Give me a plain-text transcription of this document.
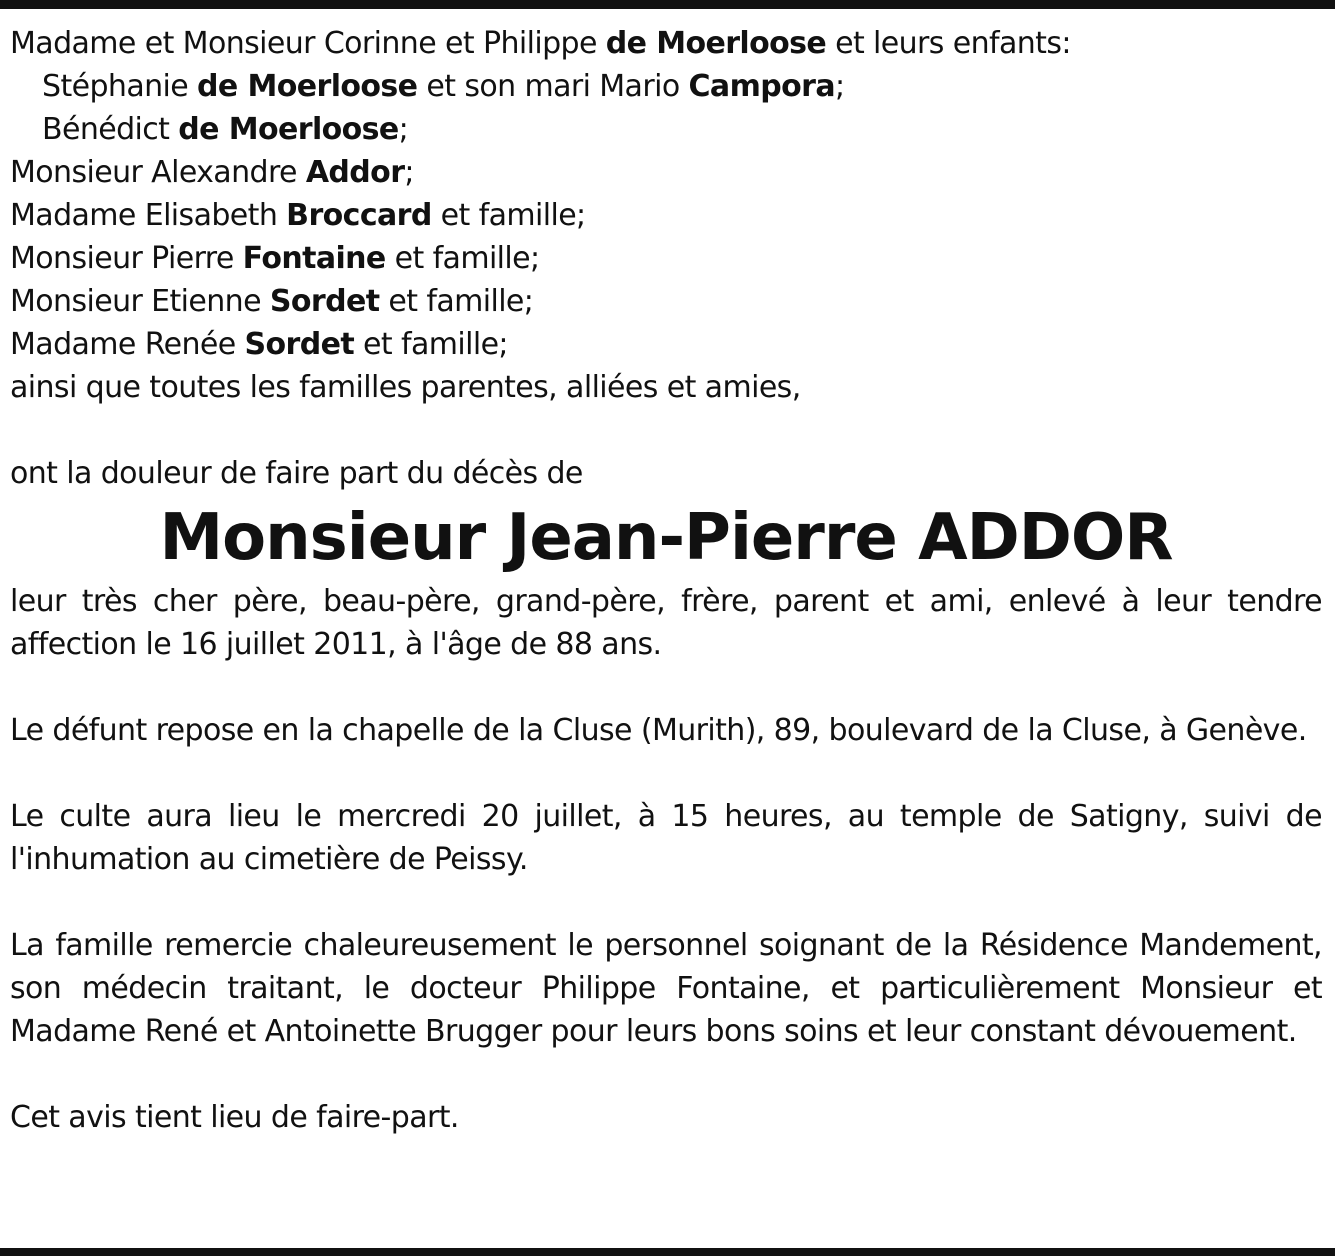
Madame et Monsieur Corinne et Philippe de Moerloose et leurs enfants:

Stéphanie de Moerloose et son mari Mario Campora;

Bénédict de Moerloose;

Monsieur Alexandre Addor;

Madame Elisabeth Broccard et famille;

Monsieur Pierre Fontaine et famille;

Monsieur Etienne Sordet et famille;

Madame Renée Sordet et famille;

ainsi que toutes les familles parentes, alliées et amies,

ont la douleur de faire part du décès de

Monsieur Jean-Pierre ADDOR

leur très cher père, beau-père, grand-père, frère, parent et ami, enlevé à leur tendre affection le 16 juillet 2011, à l'âge de 88 ans.

Le défunt repose en la chapelle de la Cluse (Murith), 89, boulevard de la Cluse, à Genève.

Le culte aura lieu le mercredi 20 juillet, à 15 heures, au temple de Satigny, suivi de l'inhumation au cimetière de Peissy.

La famille remercie chaleureusement le personnel soignant de la Résidence Mandement, son médecin traitant, le docteur Philippe Fontaine, et particulièrement Monsieur et Madame René et Antoinette Brugger pour leurs bons soins et leur constant dévouement.

Cet avis tient lieu de faire-part.
